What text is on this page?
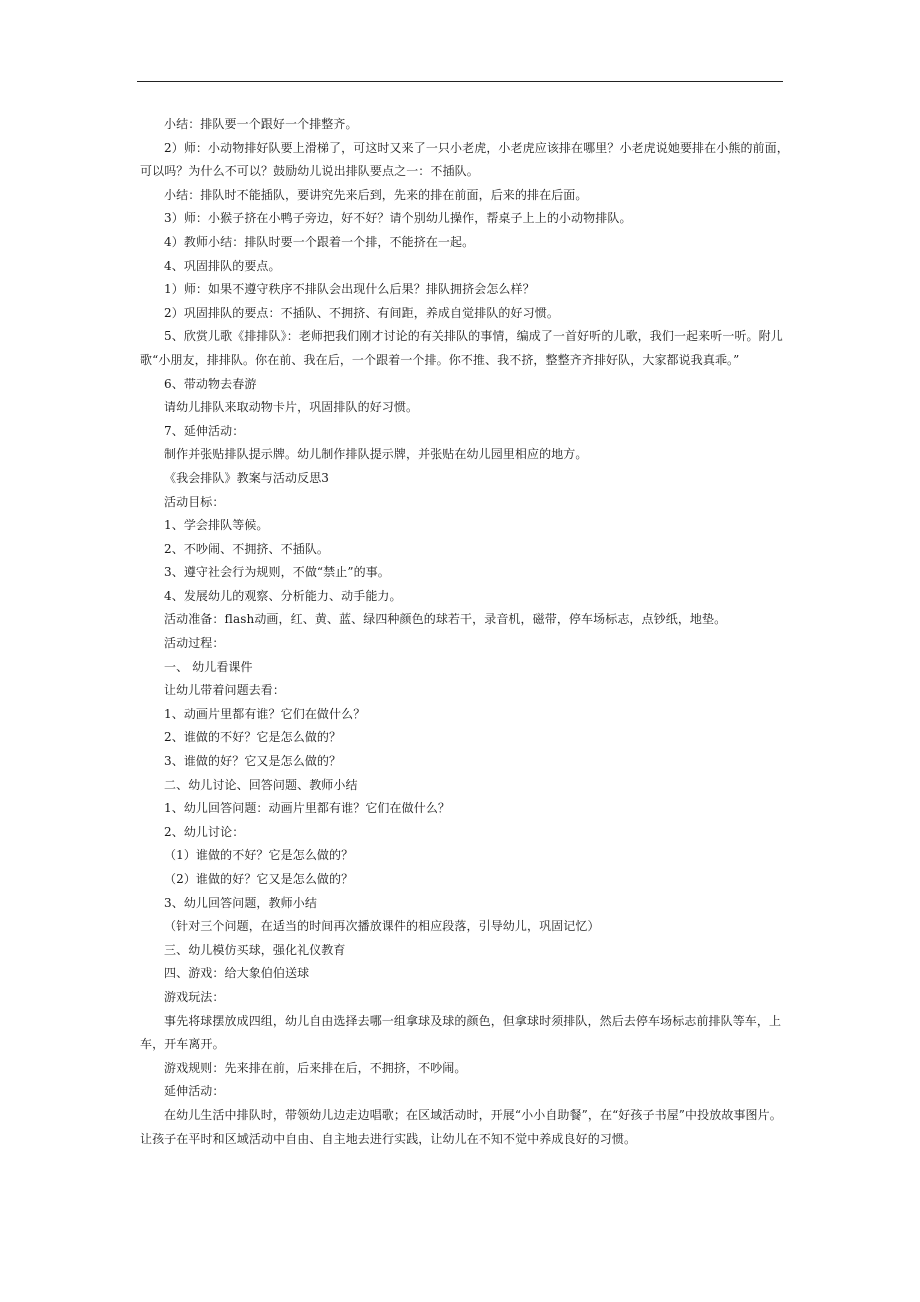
小结：排队要一个跟好一个排整齐。

2）师：小动物排好队要上滑梯了，可这时又来了一只小老虎，小老虎应该排在哪里？小老虎说她要排在小熊的前面，可以吗？为什么不可以？鼓励幼儿说出排队要点之一：不插队。

小结：排队时不能插队，要讲究先来后到，先来的排在前面，后来的排在后面。

3）师：小猴子挤在小鸭子旁边，好不好？请个别幼儿操作，帮桌子上上的小动物排队。

4）教师小结：排队时要一个跟着一个排，不能挤在一起。

4、巩固排队的要点。

1）师：如果不遵守秩序不排队会出现什么后果？排队拥挤会怎么样？

2）巩固排队的要点：不插队、不拥挤、有间距，养成自觉排队的好习惯。

5、欣赏儿歌《排排队》：老师把我们刚才讨论的有关排队的事情，编成了一首好听的儿歌，我们一起来听一听。附儿歌“小朋友，排排队。你在前、我在后，一个跟着一个排。你不推、我不挤，整整齐齐排好队，大家都说我真乖。”

6、带动物去春游

请幼儿排队来取动物卡片，巩固排队的好习惯。

7、延伸活动：

制作并张贴排队提示牌。幼儿制作排队提示牌，并张贴在幼儿园里相应的地方。

《我会排队》教案与活动反思3

活动目标：

1、学会排队等候。

2、不吵闹、不拥挤、不插队。

3、遵守社会行为规则，不做“禁止”的事。

4、发展幼儿的观察、分析能力、动手能力。

活动准备：flash动画，红、黄、蓝、绿四种颜色的球若干，录音机，磁带，停车场标志，点钞纸，地垫。

活动过程：

一、 幼儿看课件

让幼儿带着问题去看：

1、动画片里都有谁？它们在做什么？

2、谁做的不好？它是怎么做的？

3、谁做的好？它又是怎么做的？

二、幼儿讨论、回答问题、教师小结

1、幼儿回答问题：动画片里都有谁？它们在做什么？

2、幼儿讨论：

（1）谁做的不好？它是怎么做的？

（2）谁做的好？它又是怎么做的？

3、幼儿回答问题，教师小结

（针对三个问题，在适当的时间再次播放课件的相应段落，引导幼儿，巩固记忆）

三、幼儿模仿买球，强化礼仪教育

四、游戏：给大象伯伯送球

游戏玩法：

事先将球摆放成四组，幼儿自由选择去哪一组拿球及球的颜色，但拿球时须排队，然后去停车场标志前排队等车，上车，开车离开。

游戏规则：先来排在前，后来排在后，不拥挤，不吵闹。

延伸活动：

在幼儿生活中排队时，带领幼儿边走边唱歌；在区域活动时，开展“小小自助餐”，在“好孩子书屋”中投放故事图片。让孩子在平时和区域活动中自由、自主地去进行实践，让幼儿在不知不觉中养成良好的习惯。
